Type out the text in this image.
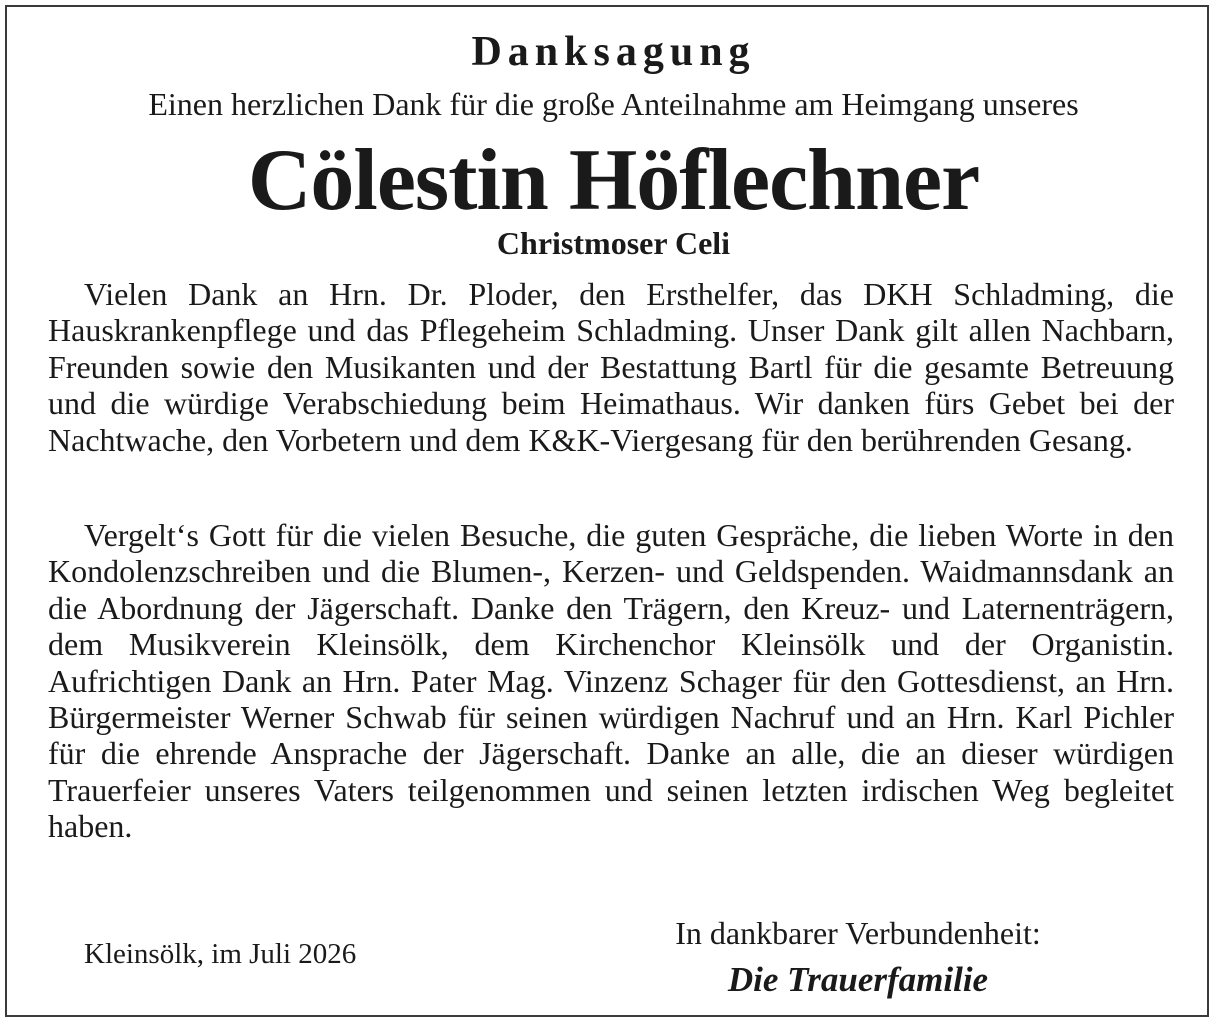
Danksagung
Einen herzlichen Dank für die große Anteilnahme am Heimgang unseres
Cölestin Höflechner
Christmoser Celi

Vielen Dank an Hrn. Dr. Ploder, den Ersthelfer, das DKH Schladming, die Hauskrankenpflege und das Pflegeheim Schladming. Unser Dank gilt allen Nachbarn, Freunden sowie den Musikanten und der Bestattung Bartl für die gesamte Betreuung und die würdige Verabschiedung beim Heimathaus. Wir danken fürs Gebet bei der Nachtwache, den Vorbetern und dem K&K-Viergesang für den berührenden Gesang.

Vergelt‘s Gott für die vielen Besuche, die guten Gespräche, die lieben Worte in den Kondolenzschreiben und die Blumen-, Kerzen- und Geldspenden. Waidmannsdank an die Abordnung der Jägerschaft. Danke den Trägern, den Kreuz- und Laternenträgern, dem Musikverein Kleinsölk, dem Kirchenchor Kleinsölk und der Organistin. Aufrichtigen Dank an Hrn. Pater Mag. Vinzenz Schager für den Gottesdienst, an Hrn. Bürgermeister Werner Schwab für seinen würdigen Nachruf und an Hrn. Karl Pichler für die ehrende Ansprache der Jägerschaft. Danke an alle, die an dieser würdigen Trauerfeier unseres Vaters teilgenommen und seinen letzten irdischen Weg begleitet haben.

Kleinsölk, im Juli 2026
In dankbarer Verbundenheit:
Die Trauerfamilie
